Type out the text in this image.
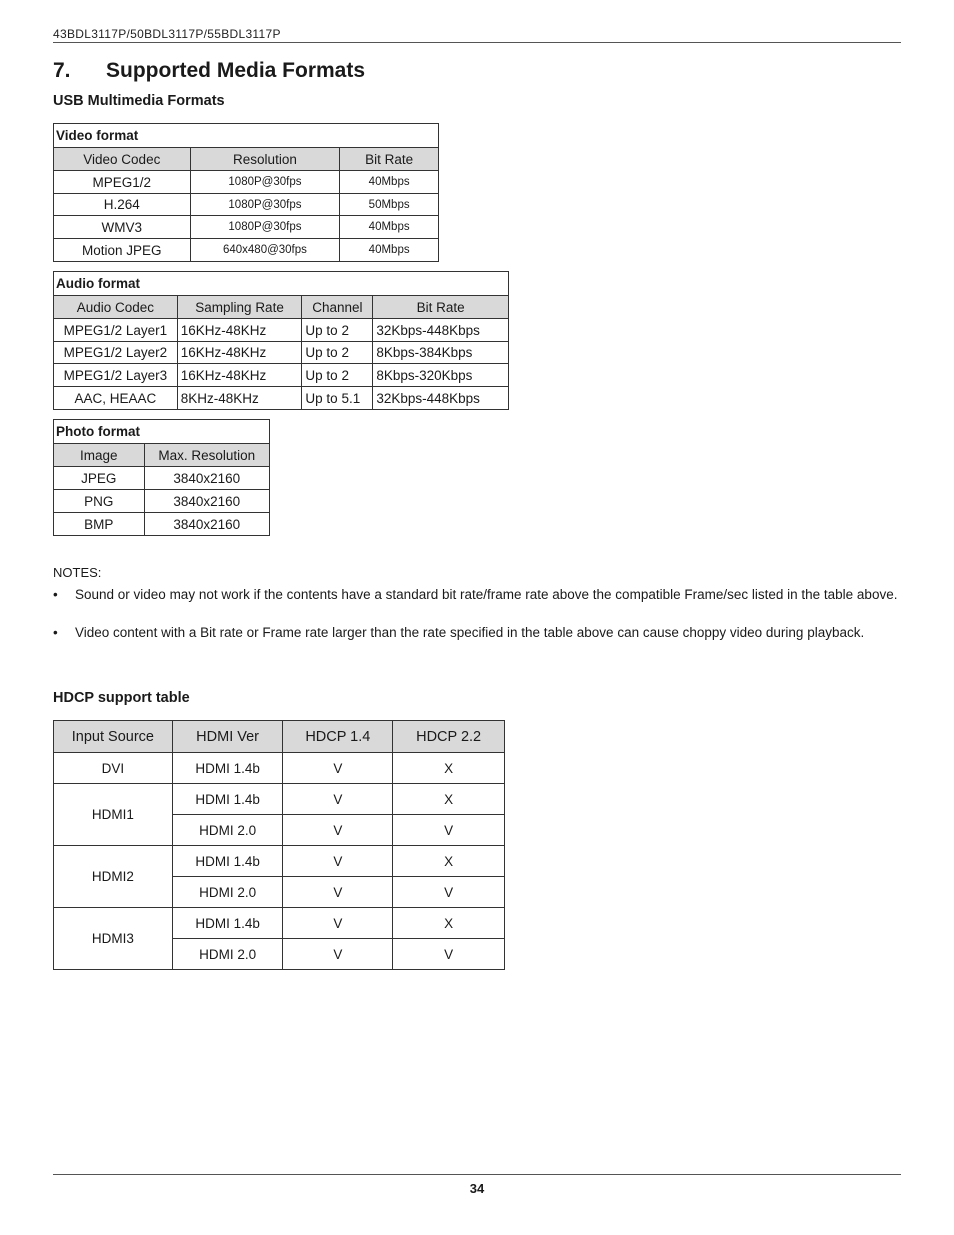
43BDL3117P/50BDL3117P/55BDL3117P
7. Supported Media Formats
USB Multimedia Formats
Video format		
Video Codec	Resolution	Bit Rate
MPEG1/2	1080P@30fps	40Mbps
H.264	1080P@30fps	50Mbps
WMV3	1080P@30fps	40Mbps
Motion JPEG	640x480@30fps	40Mbps
Audio format			
Audio Codec	Sampling Rate	Channel	Bit Rate
MPEG1/2 Layer1	16KHz-48KHz	Up to 2	32Kbps-448Kbps
MPEG1/2 Layer2	16KHz-48KHz	Up to 2	8Kbps-384Kbps
MPEG1/2 Layer3	16KHz-48KHz	Up to 2	8Kbps-320Kbps
AAC, HEAAC	8KHz-48KHz	Up to 5.1	32Kbps-448Kbps
Photo format	
Image	Max. Resolution
JPEG	3840x2160
PNG	3840x2160
BMP	3840x2160
NOTES:
•	Sound or video may not work if the contents have a standard bit rate/frame rate above the compatible Frame/sec listed in the table above.
•	Video content with a Bit rate or Frame rate larger than the rate specified in the table above can cause choppy video during playback.
HDCP support table
Input Source	HDMI Ver	HDCP 1.4	HDCP 2.2
DVI	HDMI 1.4b	V	X
HDMI1	HDMI 1.4b	V	X
	HDMI 2.0	V	V
HDMI2	HDMI 1.4b	V	X
	HDMI 2.0	V	V
HDMI3	HDMI 1.4b	V	X
	HDMI 2.0	V	V
34
